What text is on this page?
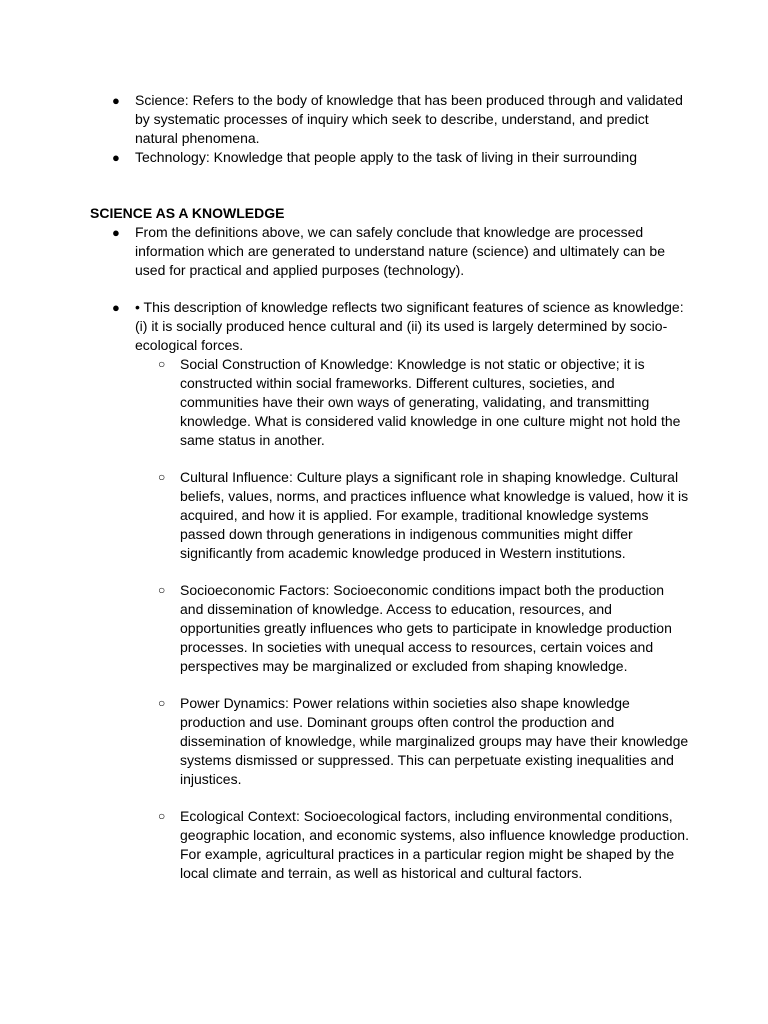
● Science: Refers to the body of knowledge that has been produced through and validated by systematic processes of inquiry which seek to describe, understand, and predict natural phenomena.

● Technology: Knowledge that people apply to the task of living in their surrounding

SCIENCE AS A KNOWLEDGE

● From the definitions above, we can safely conclude that knowledge are processed information which are generated to understand nature (science) and ultimately can be used for practical and applied purposes (technology).

● • This description of knowledge reflects two significant features of science as knowledge: (i) it is socially produced hence cultural and (ii) its used is largely determined by socio-ecological forces.

○ Social Construction of Knowledge: Knowledge is not static or objective; it is constructed within social frameworks. Different cultures, societies, and communities have their own ways of generating, validating, and transmitting knowledge. What is considered valid knowledge in one culture might not hold the same status in another.

○ Cultural Influence: Culture plays a significant role in shaping knowledge. Cultural beliefs, values, norms, and practices influence what knowledge is valued, how it is acquired, and how it is applied. For example, traditional knowledge systems passed down through generations in indigenous communities might differ significantly from academic knowledge produced in Western institutions.

○ Socioeconomic Factors: Socioeconomic conditions impact both the production and dissemination of knowledge. Access to education, resources, and opportunities greatly influences who gets to participate in knowledge production processes. In societies with unequal access to resources, certain voices and perspectives may be marginalized or excluded from shaping knowledge.

○ Power Dynamics: Power relations within societies also shape knowledge production and use. Dominant groups often control the production and dissemination of knowledge, while marginalized groups may have their knowledge systems dismissed or suppressed. This can perpetuate existing inequalities and injustices.

○ Ecological Context: Socioecological factors, including environmental conditions, geographic location, and economic systems, also influence knowledge production. For example, agricultural practices in a particular region might be shaped by the local climate and terrain, as well as historical and cultural factors.
